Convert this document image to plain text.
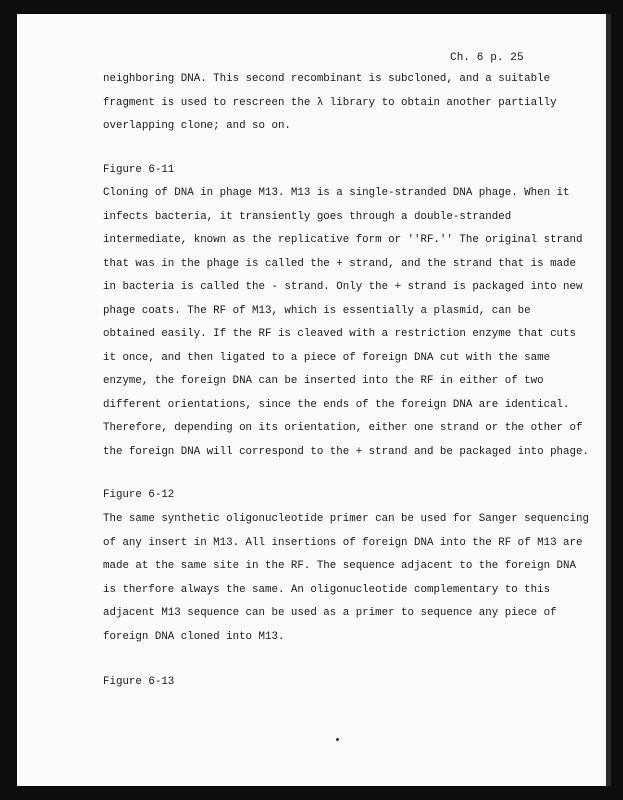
Ch. 6 p. 25
neighboring DNA. This second recombinant is subcloned, and a suitable
fragment is used to rescreen the λ library to obtain another partially
overlapping clone; and so on.
Figure 6-11
Cloning of DNA in phage M13. M13 is a single-stranded DNA phage. When it
infects bacteria, it transiently goes through a double-stranded
intermediate, known as the replicative form or ''RF.'' The original strand
that was in the phage is called the + strand, and the strand that is made
in bacteria is called the - strand. Only the + strand is packaged into new
phage coats. The RF of M13, which is essentially a plasmid, can be
obtained easily. If the RF is cleaved with a restriction enzyme that cuts
it once, and then ligated to a piece of foreign DNA cut with the same
enzyme, the foreign DNA can be inserted into the RF in either of two
different orientations, since the ends of the foreign DNA are identical.
Therefore, depending on its orientation, either one strand or the other of
the foreign DNA will correspond to the + strand and be packaged into phage.
Figure 6-12
The same synthetic oligonucleotide primer can be used for Sanger sequencing
of any insert in M13. All insertions of foreign DNA into the RF of M13 are
made at the same site in the RF. The sequence adjacent to the foreign DNA
is therfore always the same. An oligonucleotide complementary to this
adjacent M13 sequence can be used as a primer to sequence any piece of
foreign DNA cloned into M13.
Figure 6-13
